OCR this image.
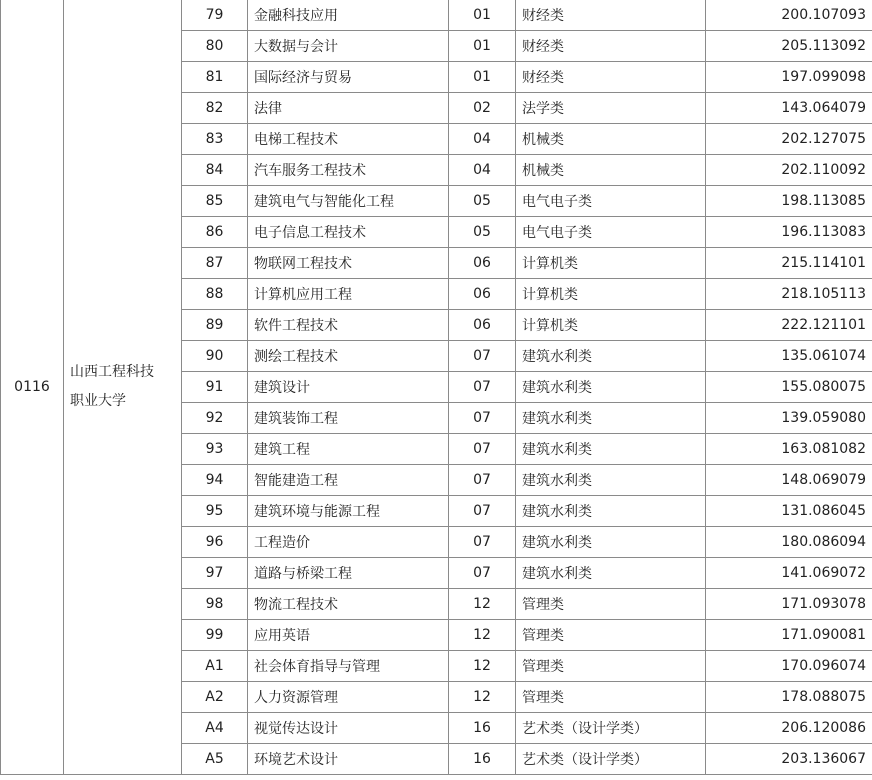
0116	山西工程科技
职业大学	79	金融科技应用	01	财经类	200.107093
		80	大数据与会计	01	财经类	205.113092
		81	国际经济与贸易	01	财经类	197.099098
		82	法律	02	法学类	143.064079
		83	电梯工程技术	04	机械类	202.127075
		84	汽车服务工程技术	04	机械类	202.110092
		85	建筑电气与智能化工程	05	电气电子类	198.113085
		86	电子信息工程技术	05	电气电子类	196.113083
		87	物联网工程技术	06	计算机类	215.114101
		88	计算机应用工程	06	计算机类	218.105113
		89	软件工程技术	06	计算机类	222.121101
		90	测绘工程技术	07	建筑水利类	135.061074
		91	建筑设计	07	建筑水利类	155.080075
		92	建筑装饰工程	07	建筑水利类	139.059080
		93	建筑工程	07	建筑水利类	163.081082
		94	智能建造工程	07	建筑水利类	148.069079
		95	建筑环境与能源工程	07	建筑水利类	131.086045
		96	工程造价	07	建筑水利类	180.086094
		97	道路与桥梁工程	07	建筑水利类	141.069072
		98	物流工程技术	12	管理类	171.093078
		99	应用英语	12	管理类	171.090081
		A1	社会体育指导与管理	12	管理类	170.096074
		A2	人力资源管理	12	管理类	178.088075
		A4	视觉传达设计	16	艺术类（设计学类）	206.120086
		A5	环境艺术设计	16	艺术类（设计学类）	203.136067
